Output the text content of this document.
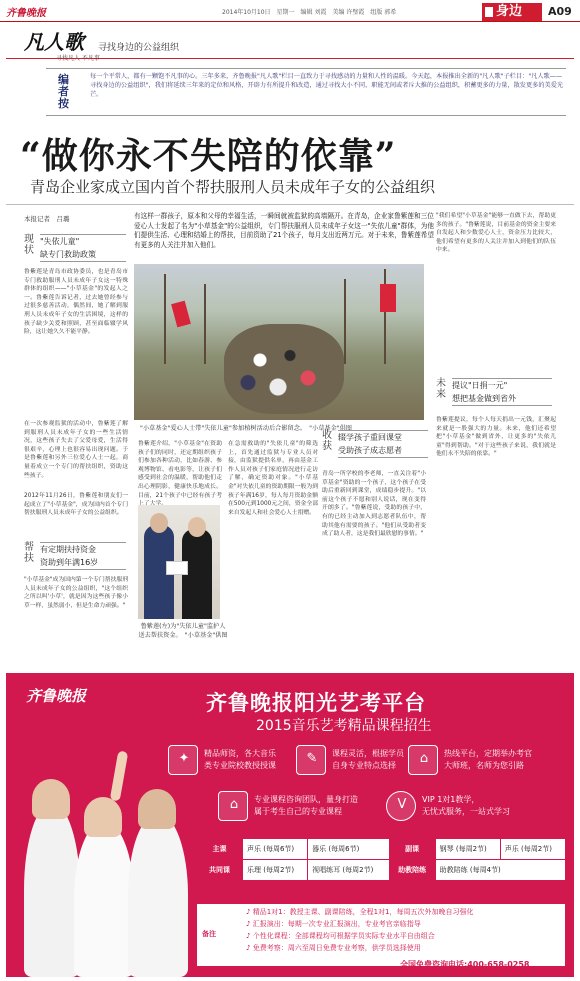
齐鲁晚报	2014年10月10日　星期一　编辑 刘霞　美编 许璧霞　组版 郭希	身边	A09
凡人歌	寻找身边的公益组织
编者按
每一个平常人，都有一颗饱不凡事的心。三年多来，齐鲁晚报"凡人歌"栏目一直致力于寻找感动的力量和人性的温暖。今天起，本报推出全新的"凡人歌"子栏目："凡人歌——寻找身边的公益组织"，我们将延续三年来的定位和风格，开辟力有所提升和改造，通过寻找大小不同，职能无间或者斥大推的公益组织，积蓄更多的力量，散发更多的美爱光芒。
“做你永不失陪的依靠”
青岛企业家成立国内首个帮扶服刑人员未成年子女的公益组织
本报记者　吕璐	有这样一群孩子，原本和父母的幸福生活，一瞬间就被监狱的高墙隔开。在青岛，企业家鲁紫莲和三位爱心人士发起了名为"小草基金"的公益组织，专门帮扶服刑人员未成年子女这一"失依儿童"群体，为他们提供生活、心理和结婚上的帮扶，目前资助了21个孩子，每月支出近两万元。对于未来，鲁紫莲希望有更多的人关注并加入他们。
现状
"失依儿童"
缺专门救助政策
鲁紫莲是青岛市政协委员，也是青岛市专门救助服刑人员未成年子女这一特殊群体的组织——"小草基金"的发起人之一。鲁紫莲告诉记者，过去她曾经参与过很多慈善活动，偶然间，她了解到服刑人员未成年子女的生活困境，这样的孩子缺少关爱和照顾，甚至面临辍学风险，这让她久久不能平静。
在一次参观监狱的活动中，鲁紫莲了解到服刑人员未成年子女的一些生活情况，这些孩子失去了父爱母爱，生活得很艰辛，心理上也很容易出现问题。于是鲁紫莲和另外三位爱心人士一起，商量着成立一个专门的帮扶组织，资助这些孩子。
2012年11月26日，鲁紫莲和朋友们一起成立了"小草基金"，成为国内首个专门帮扶服刑人员未成年子女的公益组织。
帮扶
有定期扶持资金
资助到年满16岁
"小草基金"成为国内第一个专门帮扶服刑人员未成年子女的公益组织，"这个组织之所以叫'小草'，就是因为这些孩子像小草一样，虽然弱小，但是生命力顽强。"
"小草基金"爱心人士带"失依儿童"参加植树活动后合影留念。　"小草基金"供图
鲁紫莲介绍，"小草基金"在资助孩子们的同时，还定期组织孩子们参加各种活动，比如春游、参观博物馆、看电影等，让孩子们感受到社会的温暖，帮助他们走出心理阴影，健康快乐地成长。目前，21个孩子中已经有孩子考
鲁紫莲(左)为"失依儿童"监护人送去帮扶资金。　"小草基金"供图
在急需救助的"失依儿童"的筛选上，首先通过监狱与专业人员对接，由监狱提供名单，再由基金工作人员对孩子们家庭情况进行走访了解，确定资助对象。"小草基金"对失依儿童的资助期限一般为到孩子年满16岁，每人每月资助金额在500元到1000元之间，资金全部来自发起人和社会爱心人士捐赠。
收获
辍学孩子重回课堂
受助孩子成志愿者
青岛一所学校的李老师，一直关注着"小草基金"资助的一个孩子，这个孩子在受助后重新回到课堂，成绩稳步提升。"以前这个孩子不愿和别人说话，现在变得开朗多了。"鲁紫莲说，受助的孩子中，有的已经主动加入到志愿者队伍中，帮助其他有需要的孩子。"他们从受助者变成了助人者，这是我们最欣慰的事情。"
"我们希望"小草基金"能够一直做下去，帮助更多的孩子。"鲁紫莲说，目前基金的资金主要来自发起人和少数爱心人士，资金压力比较大，他们希望有更多的人关注并加入到他们的队伍中来。
未来
提议"日捐一元"
想把基金做到省外
鲁紫莲提议，每个人每天捐出一元钱，汇聚起来就是一股强大的力量。未来，他们还希望把"小草基金"做到省外，让更多的"失依儿童"得到帮助。"对于这些孩子来说，我们就是他们永不失陪的依靠。"
齐鲁晚报	齐鲁晚报阳光艺考平台
2015音乐艺考精品课程招生
✦	精品师资，各大音乐
类专业院校教授授课	✎	课程灵活，根据学员
自身专业特点选择	⌂	热线平台，定期举办考官
大师班，名师为您引路
⌂	专业课程咨询团队，量身打造
属于考生自己的专业课程	V	VIP 1对1教学，
无忧式服务，一站式学习
主课	声乐 (每周6节)	器乐 (每周6节)	副课	钢琴 (每周2节)	声乐 (每周2节)
共同课	乐理 (每周2节)	视唱练耳 (每周2节)	助教陪练	助教陪练 (每周4节)	
备注
♪ 精品1对1：教授主课、副课陪练，全程1对1，每周五次外加晚自习强化
♪ 汇报演出：每期一次专业汇报演出，专业考官亲临指导
♪ 个性化课程：全部课程均可根据学员实际专业水平自由组合
♪ 免费考察：周六至周日免费专业考察，供学员选择使用
全国免费咨询电话:400-658-0258
